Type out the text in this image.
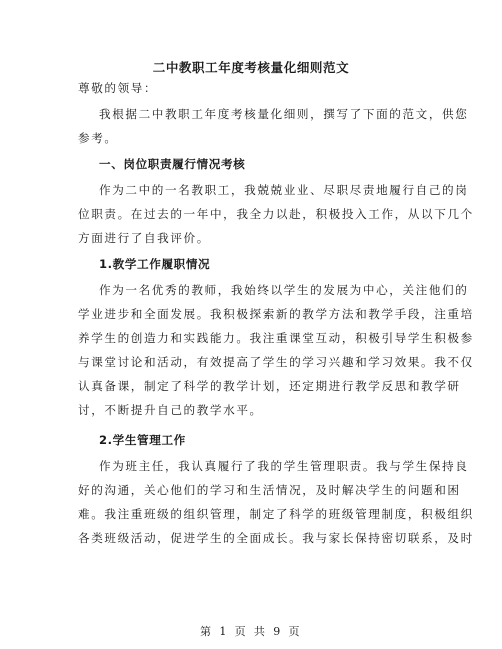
二中教职工年度考核量化细则范文
尊敬的领导：
我根据二中教职工年度考核量化细则，撰写了下面的范文，供您
参考。
一、岗位职责履行情况考核
作为二中的一名教职工，我兢兢业业、尽职尽责地履行自己的岗
位职责。在过去的一年中，我全力以赴，积极投入工作，从以下几个
方面进行了自我评价。
1.教学工作履职情况
作为一名优秀的教师，我始终以学生的发展为中心，关注他们的
学业进步和全面发展。我积极探索新的教学方法和教学手段，注重培
养学生的创造力和实践能力。我注重课堂互动，积极引导学生积极参
与课堂讨论和活动，有效提高了学生的学习兴趣和学习效果。我不仅
认真备课，制定了科学的教学计划，还定期进行教学反思和教学研
讨，不断提升自己的教学水平。
2.学生管理工作
作为班主任，我认真履行了我的学生管理职责。我与学生保持良
好的沟通，关心他们的学习和生活情况，及时解决学生的问题和困
难。我注重班级的组织管理，制定了科学的班级管理制度，积极组织
各类班级活动，促进学生的全面成长。我与家长保持密切联系，及时
第 1 页 共 9 页
